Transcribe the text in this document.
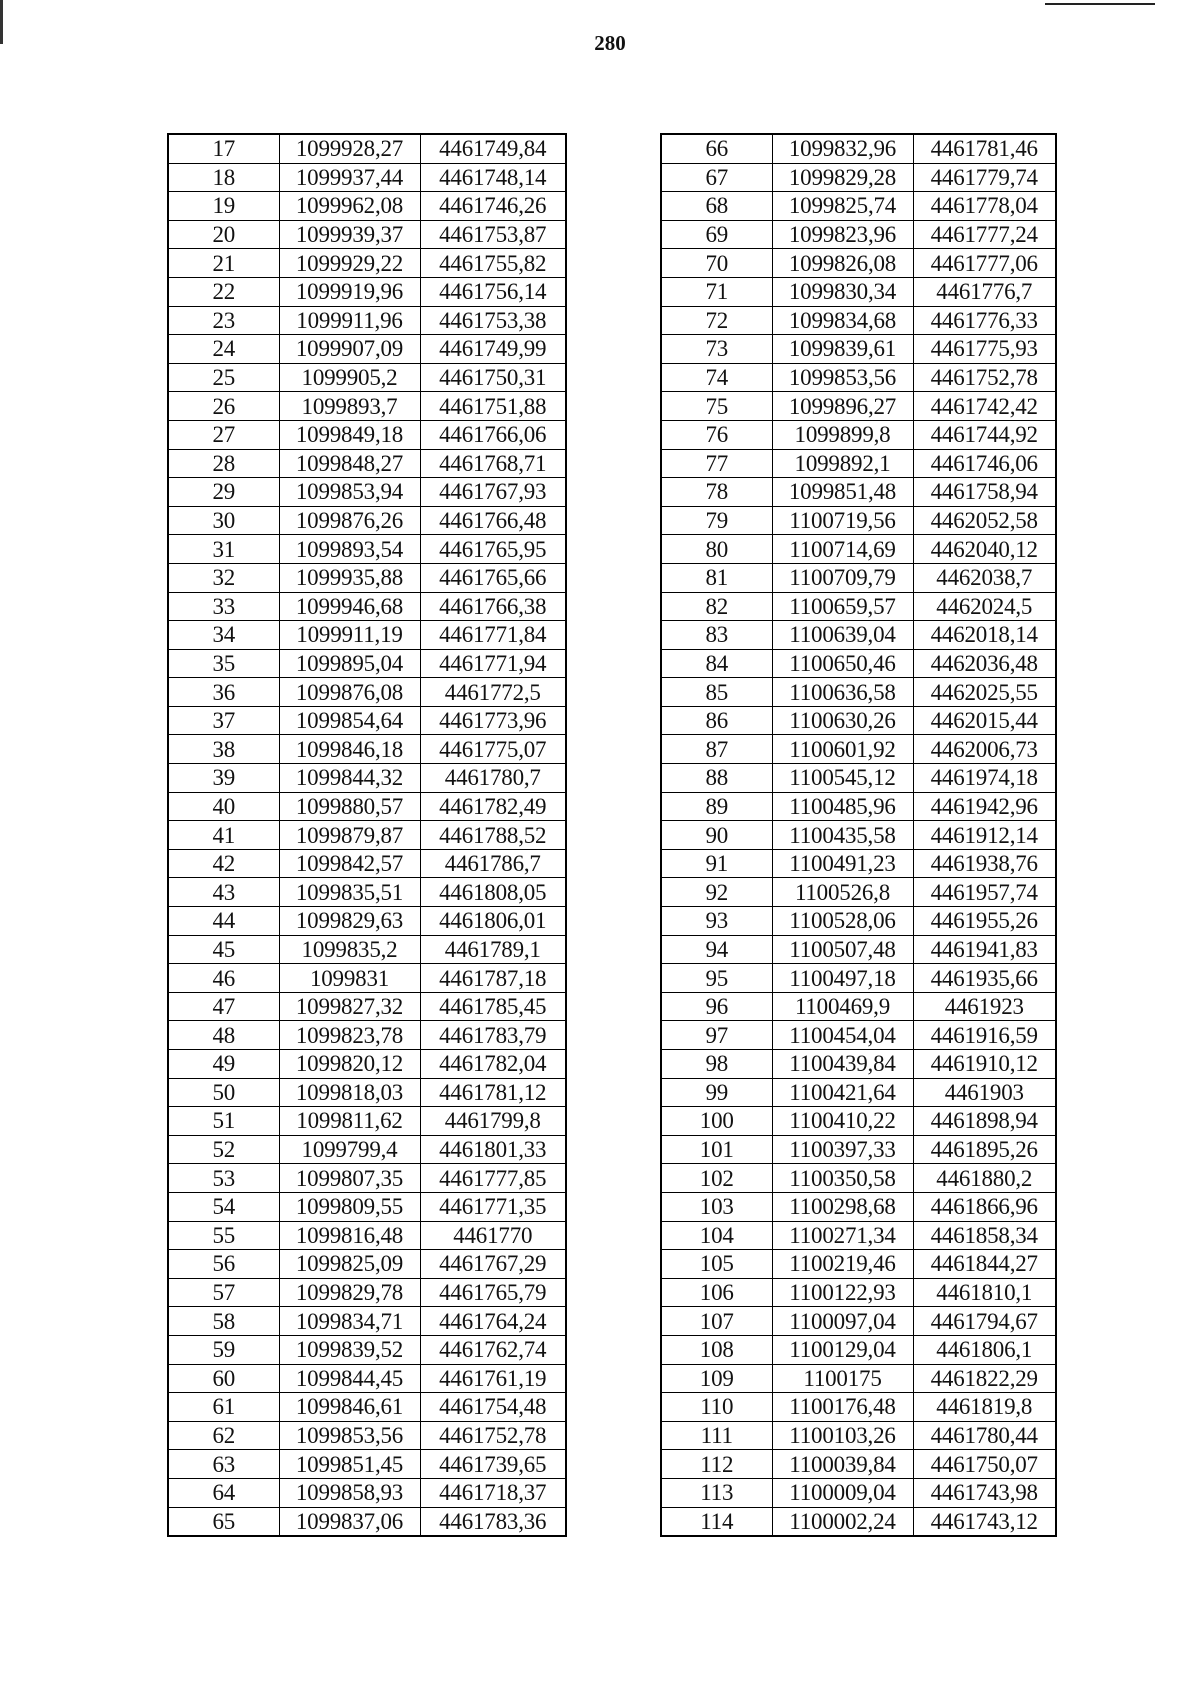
280
17	1099928,27	4461749,84
18	1099937,44	4461748,14
19	1099962,08	4461746,26
20	1099939,37	4461753,87
21	1099929,22	4461755,82
22	1099919,96	4461756,14
23	1099911,96	4461753,38
24	1099907,09	4461749,99
25	1099905,2	4461750,31
26	1099893,7	4461751,88
27	1099849,18	4461766,06
28	1099848,27	4461768,71
29	1099853,94	4461767,93
30	1099876,26	4461766,48
31	1099893,54	4461765,95
32	1099935,88	4461765,66
33	1099946,68	4461766,38
34	1099911,19	4461771,84
35	1099895,04	4461771,94
36	1099876,08	4461772,5
37	1099854,64	4461773,96
38	1099846,18	4461775,07
39	1099844,32	4461780,7
40	1099880,57	4461782,49
41	1099879,87	4461788,52
42	1099842,57	4461786,7
43	1099835,51	4461808,05
44	1099829,63	4461806,01
45	1099835,2	4461789,1
46	1099831	4461787,18
47	1099827,32	4461785,45
48	1099823,78	4461783,79
49	1099820,12	4461782,04
50	1099818,03	4461781,12
51	1099811,62	4461799,8
52	1099799,4	4461801,33
53	1099807,35	4461777,85
54	1099809,55	4461771,35
55	1099816,48	4461770
56	1099825,09	4461767,29
57	1099829,78	4461765,79
58	1099834,71	4461764,24
59	1099839,52	4461762,74
60	1099844,45	4461761,19
61	1099846,61	4461754,48
62	1099853,56	4461752,78
63	1099851,45	4461739,65
64	1099858,93	4461718,37
65	1099837,06	4461783,36
66	1099832,96	4461781,46
67	1099829,28	4461779,74
68	1099825,74	4461778,04
69	1099823,96	4461777,24
70	1099826,08	4461777,06
71	1099830,34	4461776,7
72	1099834,68	4461776,33
73	1099839,61	4461775,93
74	1099853,56	4461752,78
75	1099896,27	4461742,42
76	1099899,8	4461744,92
77	1099892,1	4461746,06
78	1099851,48	4461758,94
79	1100719,56	4462052,58
80	1100714,69	4462040,12
81	1100709,79	4462038,7
82	1100659,57	4462024,5
83	1100639,04	4462018,14
84	1100650,46	4462036,48
85	1100636,58	4462025,55
86	1100630,26	4462015,44
87	1100601,92	4462006,73
88	1100545,12	4461974,18
89	1100485,96	4461942,96
90	1100435,58	4461912,14
91	1100491,23	4461938,76
92	1100526,8	4461957,74
93	1100528,06	4461955,26
94	1100507,48	4461941,83
95	1100497,18	4461935,66
96	1100469,9	4461923
97	1100454,04	4461916,59
98	1100439,84	4461910,12
99	1100421,64	4461903
100	1100410,22	4461898,94
101	1100397,33	4461895,26
102	1100350,58	4461880,2
103	1100298,68	4461866,96
104	1100271,34	4461858,34
105	1100219,46	4461844,27
106	1100122,93	4461810,1
107	1100097,04	4461794,67
108	1100129,04	4461806,1
109	1100175	4461822,29
110	1100176,48	4461819,8
111	1100103,26	4461780,44
112	1100039,84	4461750,07
113	1100009,04	4461743,98
114	1100002,24	4461743,12
